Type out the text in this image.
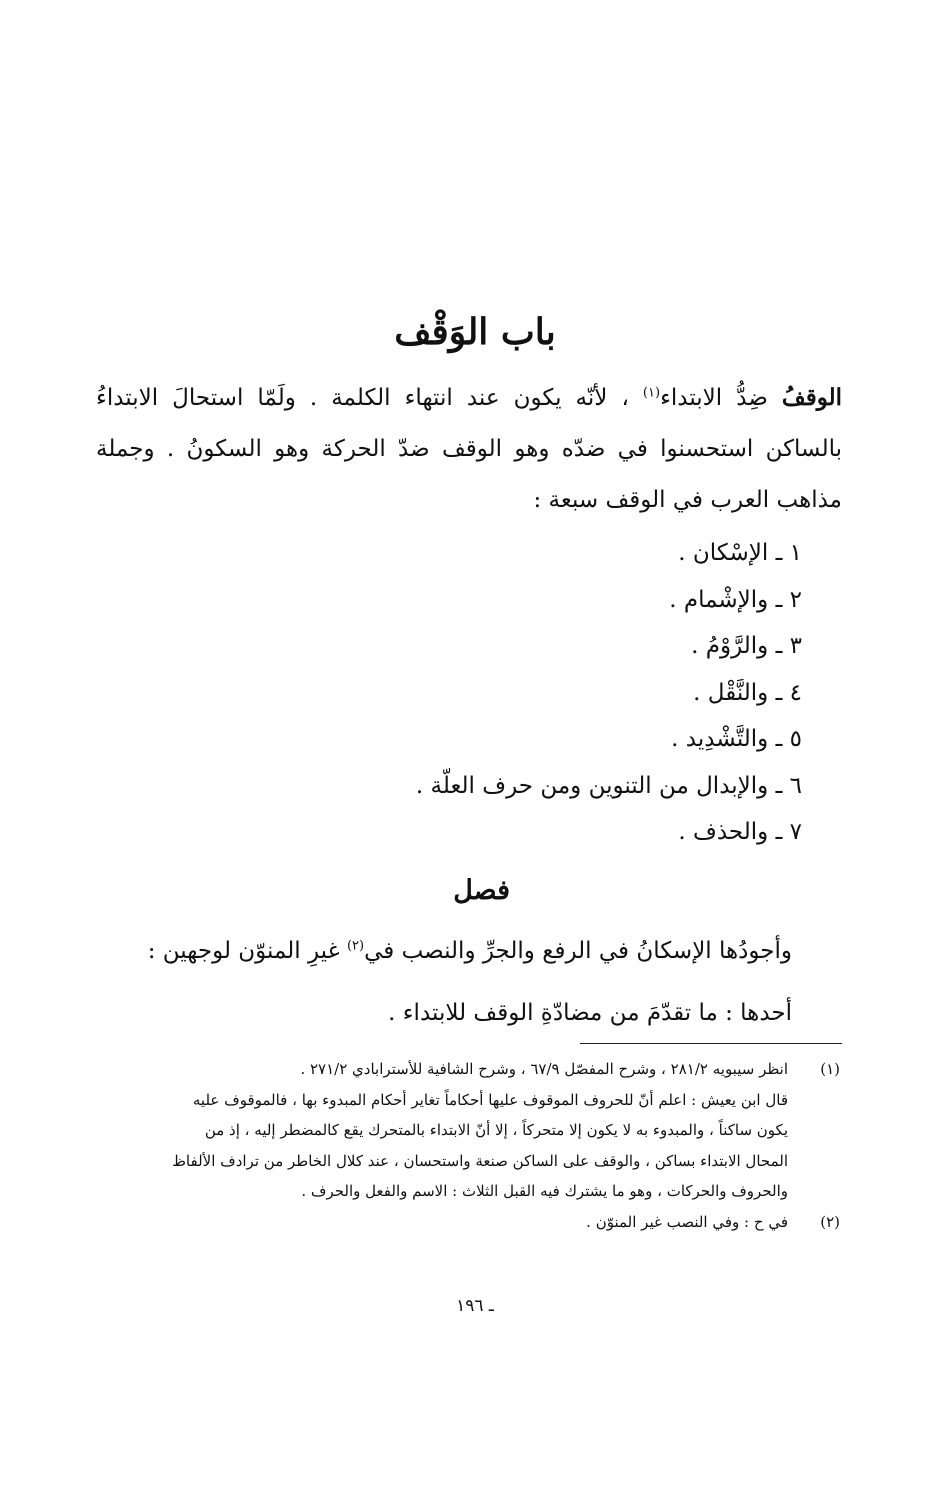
باب الوَقْف

الوقفُ ضِدُّ الابتداء$^{(١)}$ ، لأنّه يكون عند انتهاء الكلمة . ولَمّا استحالَ الابتداءُ بالساكن استحسنوا في ضدّه وهو الوقف ضدّ الحركة وهو السكونُ . وجملة مذاهب العرب في الوقف سبعة :

١ ـ الإسْكان .
٢ ـ والإشْمام .
٣ ـ والرَّوْمُ .
٤ ـ والنَّقْل .
٥ ـ والتَّشْدِيد .
٦ ـ والإبدال من التنوين ومن حرف العلّة .
٧ ـ والحذف .
فصل

وأجودُها الإسكانُ في الرفع والجرِّ والنصب في$^{(٢)}$ غيرِ المنوّن لوجهين :

أحدها : ما تقدّمَ من مضادّةِ الوقف للابتداء .

(١)
انظر سيبويه ٢٨١/٢ ، وشرح المفصّل ٦٧/٩ ، وشرح الشافية للأسترابادي ٢٧١/٢ .
قال ابن يعيش : اعلم أنّ للحروف الموقوف عليها أحكاماً تغاير أحكام المبدوء بها ، فالموقوف عليه
يكون ساكناً ، والمبدوء به لا يكون إلا متحركاً ، إلا أنّ الابتداء بالمتحرك يقع كالمضطر إليه ، إذ من
المحال الابتداء بساكن ، والوقف على الساكن صنعة واستحسان ، عند كلال الخاطر من ترادف الألفاظ
والحروف والحركات ، وهو ما يشترك فيه القبل الثلاث : الاسم والفعل والحرف .
(٢)
في ح : وفي النصب غير المنوّن .
ـ ١٩٦
